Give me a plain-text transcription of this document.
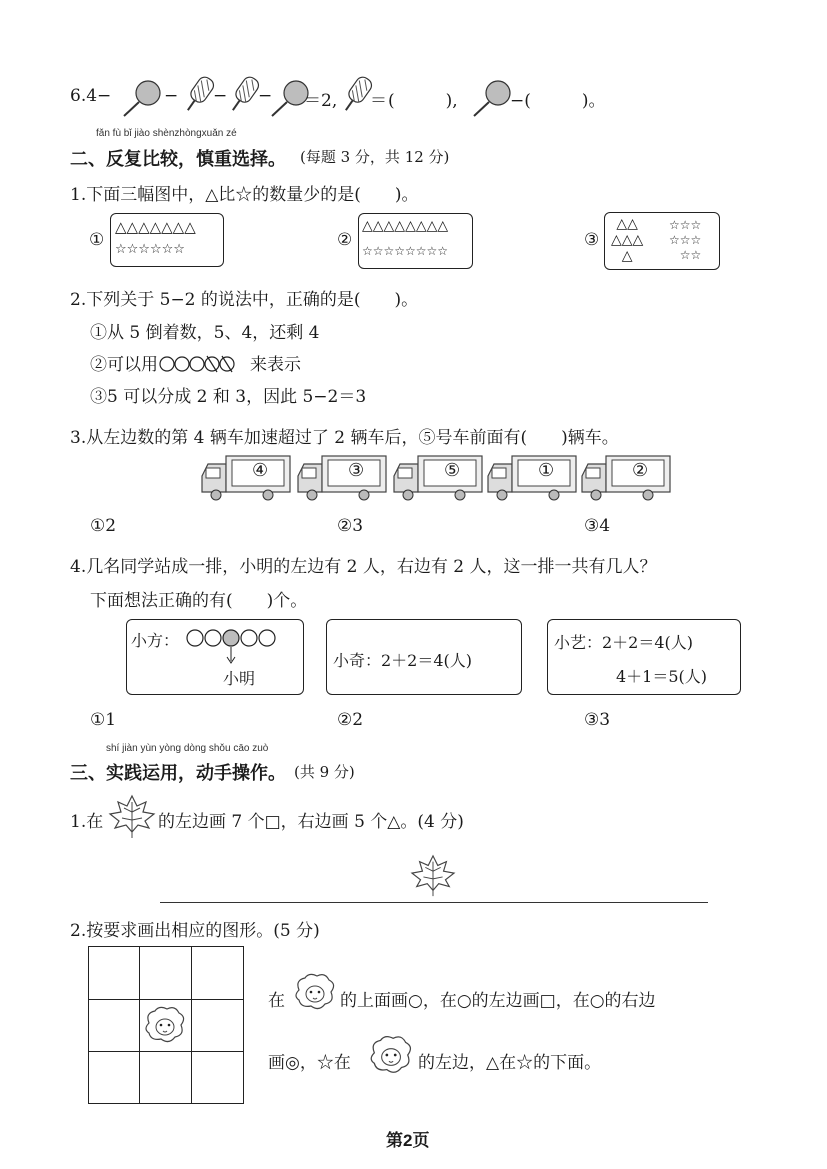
6.4−	− − − ＝2, ＝ (　　　),	−(　　　)。
fǎn fù bǐ jiào shènzhòngxuǎn zé
二、反复比较，慎重选择。 (每题 3 分，共 12 分)
1.下面三幅图中，△比☆的数量少的是(　　)。
①
△△△△△△△
☆☆☆☆☆☆	②
△△△△△△△△
☆☆☆☆☆☆☆☆
③
△△
△△△
△
☆☆☆
☆☆☆
☆☆
2.下列关于 5−2 的说法中，正确的是(　　)。
①从 5 倒着数，5、4，还剩 4
②可以用	来表示
③5 可以分成 2 和 3，因此 5−2＝3
3.从左边数的第 4 辆车加速超过了 2 辆车后，⑤号车前面有(　　)辆车。
④	③	⑤	①	②
①2	②3	③4
4.几名同学站成一排，小明的左边有 2 人，右边有 2 人，这一排一共有几人？
下面想法正确的有(　　)个。
小方：
小明
小奇：2＋2＝4(人)
小艺：2＋2＝4(人)
4＋1＝5(人)
①1	②2	③3
shí jiàn yùn yòng dòng shǒu cāo zuò
三、实践运用，动手操作。 (共 9 分)
1.在	的左边画 7 个□，右边画 5 个△。(4 分)
2.按要求画出相应的图形。(5 分)
在	的上面画○，在○的左边画□，在○的右边
画◎，☆在	的左边，△在☆的下面。
第2页
